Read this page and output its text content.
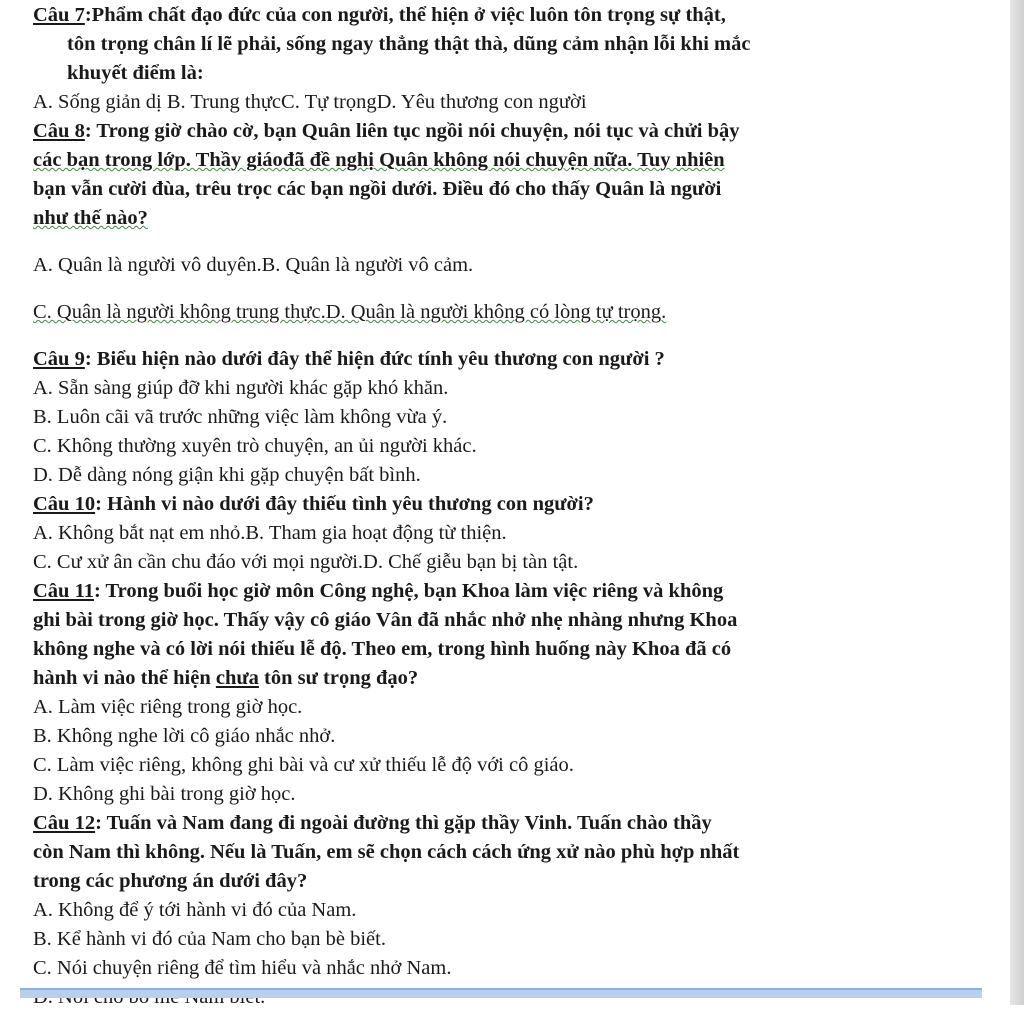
Câu 7:Phẩm chất đạo đức của con người, thể hiện ở việc luôn tôn trọng sự thật,
tôn trọng chân lí lẽ phải, sống ngay thẳng thật thà, dũng cảm nhận lỗi khi mắc
khuyết điểm là:
A. Sống giản dị B. Trung thựcC. Tự trọngD. Yêu thương con người
Câu 8: Trong giờ chào cờ, bạn Quân liên tục ngồi nói chuyện, nói tục và chửi bậy
các bạn trong lớp. Thầy giáođã đề nghị Quân không nói chuyện nữa. Tuy nhiên
bạn vẫn cười đùa, trêu trọc các bạn ngồi dưới. Điều đó cho thấy Quân là người
như thế nào?
A. Quân là người vô duyên.B. Quân là người vô cảm.
C. Quân là người không trung thực.D. Quân là người không có lòng tự trọng.
Câu 9: Biểu hiện nào dưới đây thể hiện đức tính yêu thương con người ?
A. Sẵn sàng giúp đỡ khi người khác gặp khó khăn.
B. Luôn cãi vã trước những việc làm không vừa ý.
C. Không thường xuyên trò chuyện, an ủi người khác.
D. Dễ dàng nóng giận khi gặp chuyện bất bình.
Câu 10: Hành vi nào dưới đây thiếu tình yêu thương con người?
A. Không bắt nạt em nhỏ.B. Tham gia hoạt động từ thiện.
C. Cư xử ân cần chu đáo với mọi người.D. Chế giễu bạn bị tàn tật.
Câu 11: Trong buổi học giờ môn Công nghệ, bạn Khoa làm việc riêng và không
ghi bài trong giờ học. Thấy vậy cô giáo Vân đã nhắc nhở nhẹ nhàng nhưng Khoa
không nghe và có lời nói thiếu lễ độ. Theo em, trong hình huống này Khoa đã có
hành vi nào thể hiện chưa tôn sư trọng đạo?
A. Làm việc riêng trong giờ học.
B. Không nghe lời cô giáo nhắc nhở.
C. Làm việc riêng, không ghi bài và cư xử thiếu lễ độ với cô giáo.
D. Không ghi bài trong giờ học.
Câu 12: Tuấn và Nam đang đi ngoài đường thì gặp thầy Vinh. Tuấn chào thầy
còn Nam thì không. Nếu là Tuấn, em sẽ chọn cách cách ứng xử nào phù hợp nhất
trong các phương án dưới đây?
A. Không để ý tới hành vi đó của Nam.
B. Kể hành vi đó của Nam cho bạn bè biết.
C. Nói chuyện riêng để tìm hiểu và nhắc nhở Nam.
